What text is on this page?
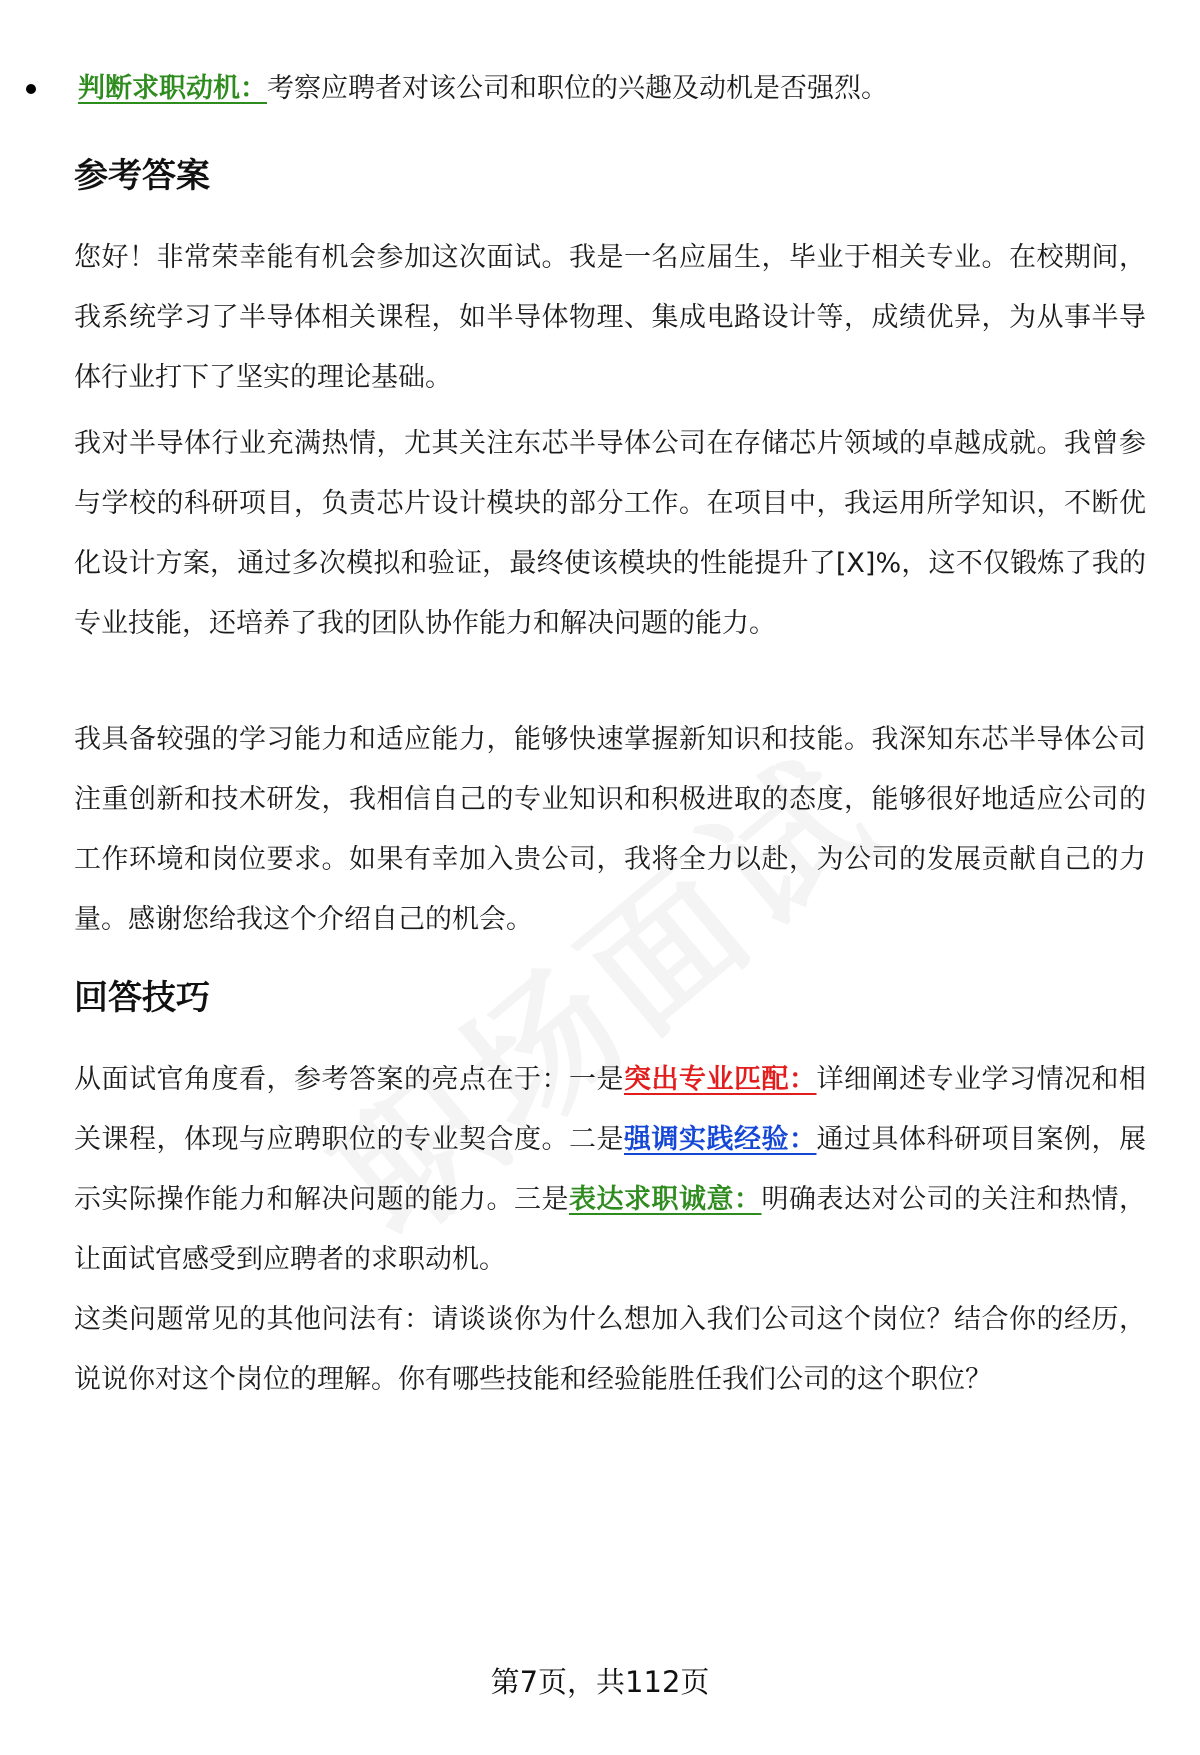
判断求职动机：考察应聘者对该公司和职位的兴趣及动机是否强烈。
参考答案

您好！非常荣幸能有机会参加这次面试。我是一名应届生，毕业于相关专业。在校期间，我系统学习了半导体相关课程，如半导体物理、集成电路设计等，成绩优异，为从事半导体行业打下了坚实的理论基础。

我对半导体行业充满热情，尤其关注东芯半导体公司在存储芯片领域的卓越成就。我曾参与学校的科研项目，负责芯片设计模块的部分工作。在项目中，我运用所学知识，不断优化设计方案，通过多次模拟和验证，最终使该模块的性能提升了[X]%，这不仅锻炼了我的专业技能，还培养了我的团队协作能力和解决问题的能力。

我具备较强的学习能力和适应能力，能够快速掌握新知识和技能。我深知东芯半导体公司注重创新和技术研发，我相信自己的专业知识和积极进取的态度，能够很好地适应公司的工作环境和岗位要求。如果有幸加入贵公司，我将全力以赴，为公司的发展贡献自己的力量。感谢您给我这个介绍自己的机会。

回答技巧

从面试官角度看，参考答案的亮点在于：一是突出专业匹配：详细阐述专业学习情况和相关课程，体现与应聘职位的专业契合度。二是强调实践经验：通过具体科研项目案例，展示实际操作能力和解决问题的能力。三是表达求职诚意：明确表达对公司的关注和热情，让面试官感受到应聘者的求职动机。

这类问题常见的其他问法有：请谈谈你为什么想加入我们公司这个岗位？结合你的经历，说说你对这个岗位的理解。你有哪些技能和经验能胜任我们公司的这个职位？

第7页，共112页
